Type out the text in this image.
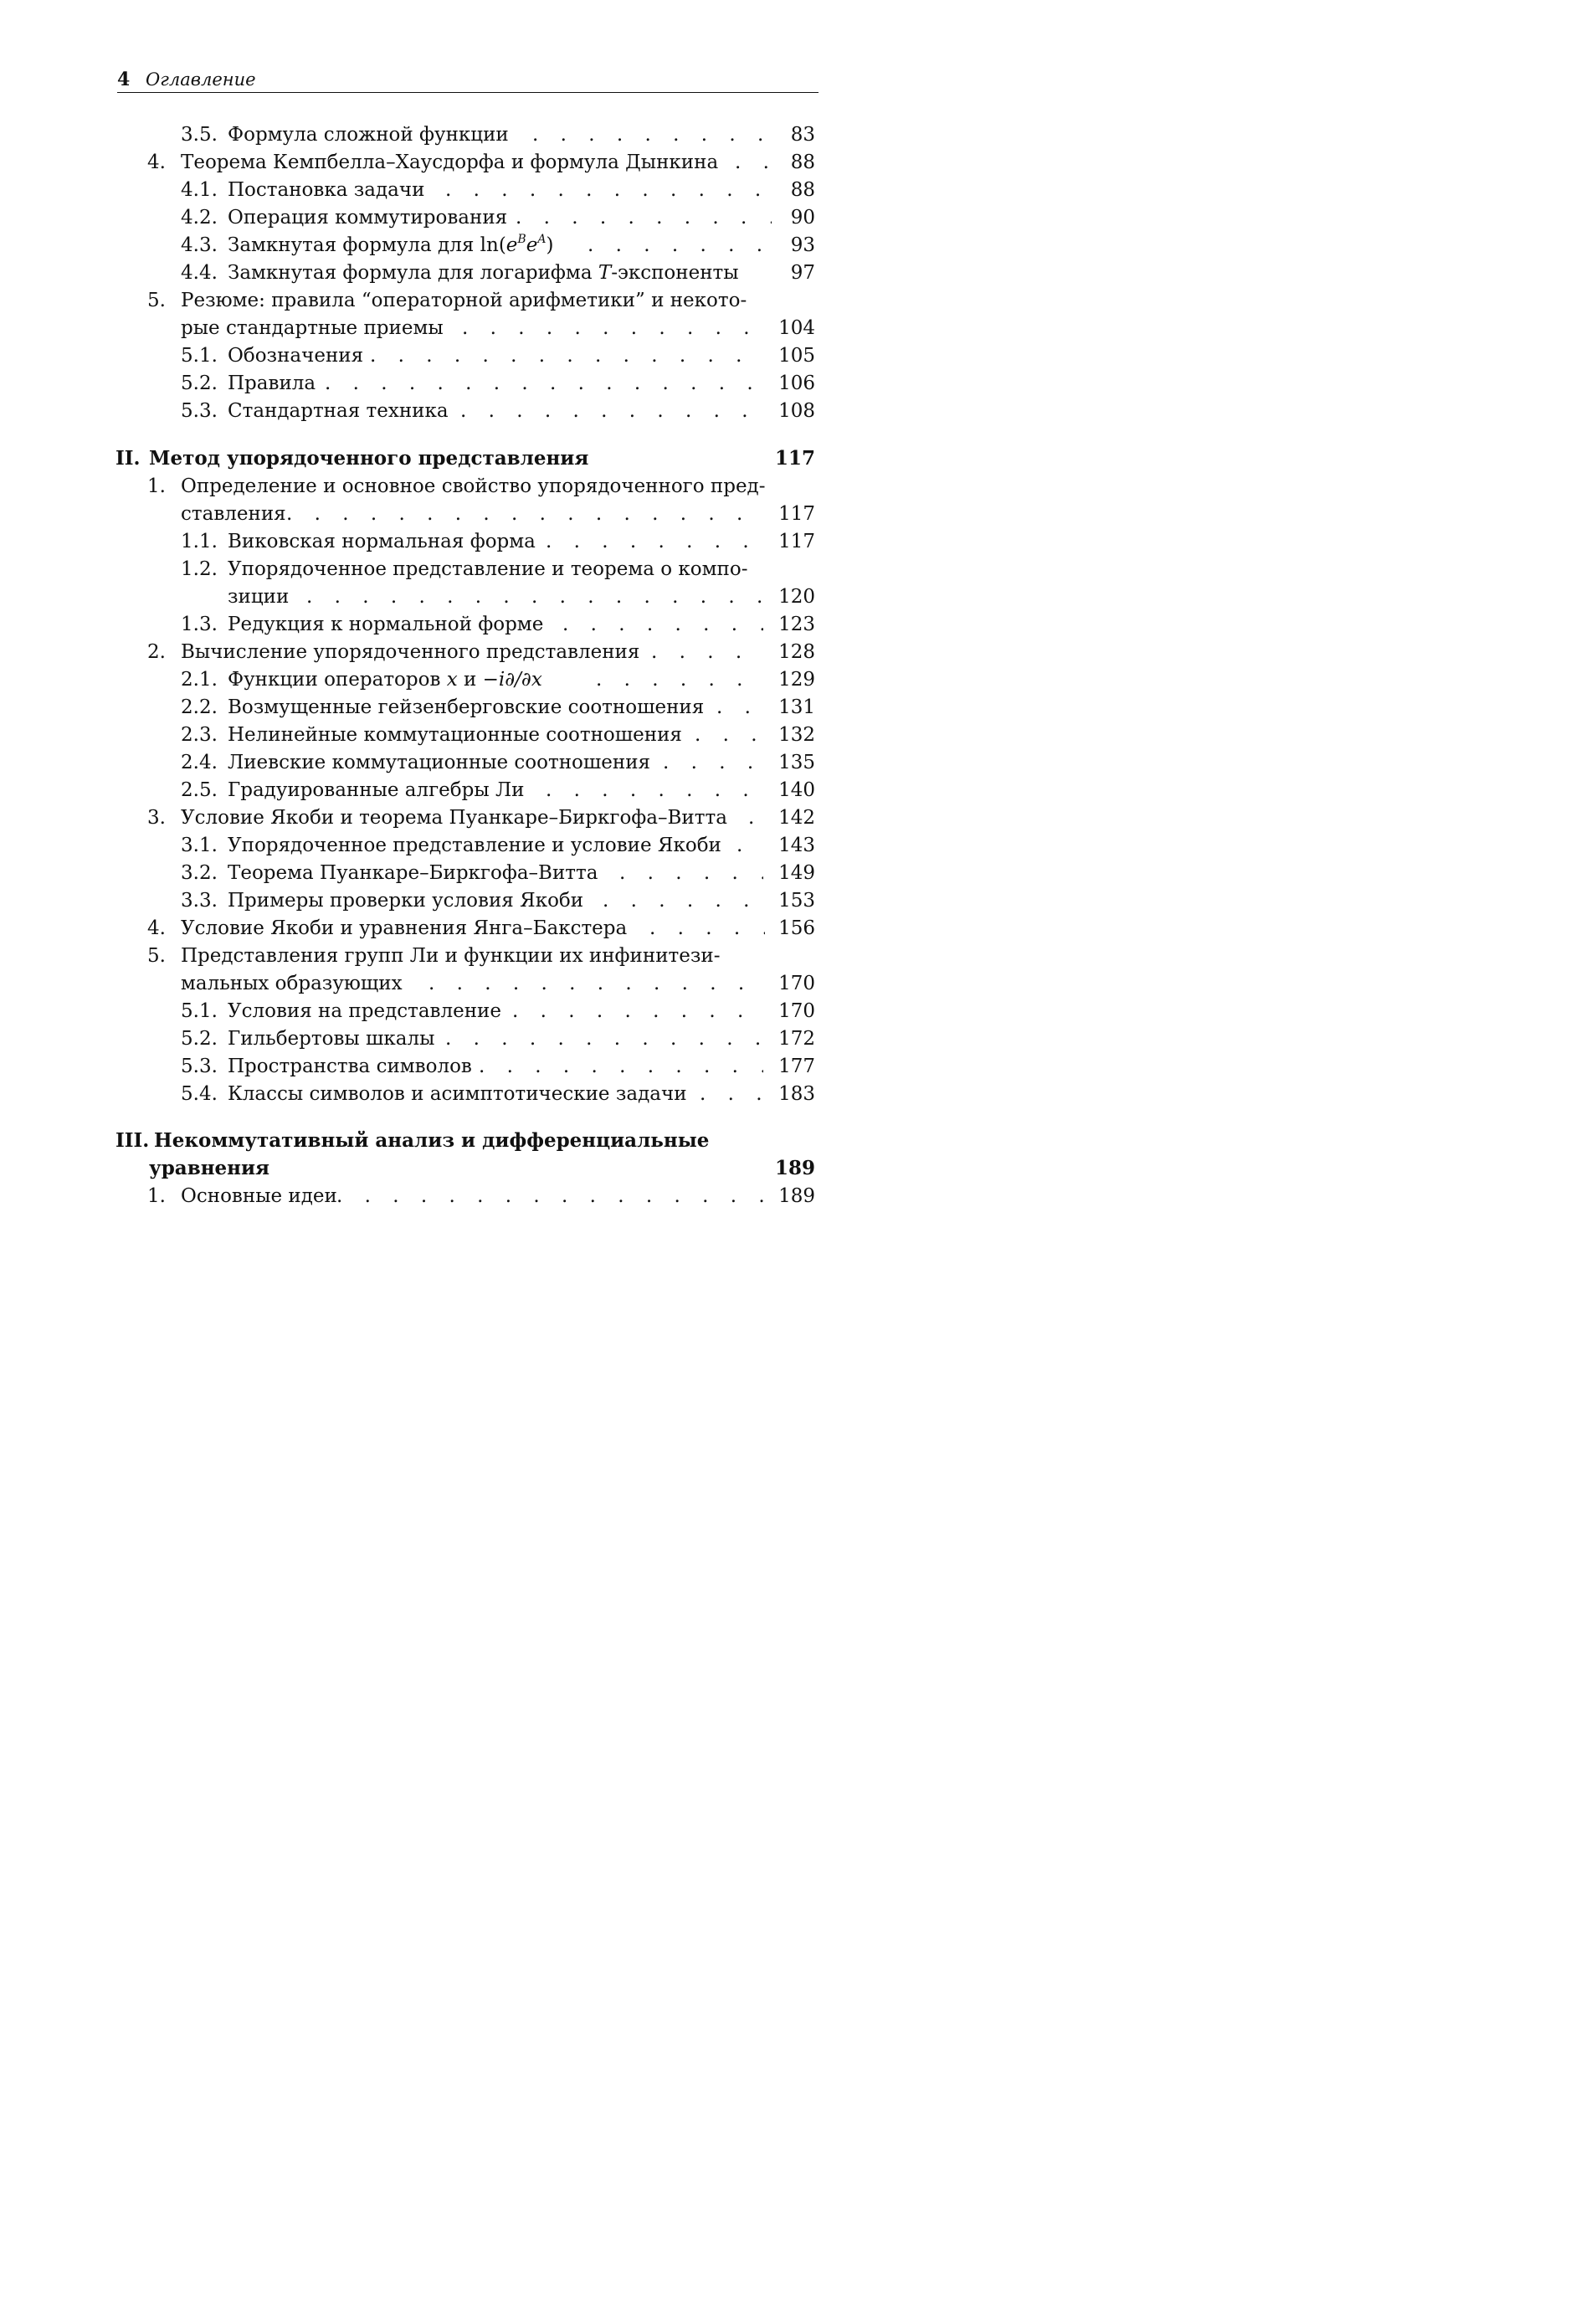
4 Оглавление
3.5. Формула сложной функции . . .	83
4. Теорема Кемпбелла–Хаусдорфа и формула Дынкина . . .	88
4.1. Постановка задачи . . .	88
4.2. Операция коммутирования . . .	90
4.3. Замкнутая формула для $\ln(e^Be^A)$ . . .	93
4.4. Замкнутая формула для логарифма T-экспоненты	97
5. Резюме: правила “операторной арифметики” и некото-
рые стандартные приемы . . .	104
5.1. Обозначения . . .	105
5.2. Правила . . .	106
5.3. Стандартная техника . . .	108
II. Метод упорядоченного представления	117
1. Определение и основное свойство упорядоченного пред-
ставления . . .	117
1.1. Виковская нормальная форма . . .	117
1.2. Упорядоченное представление и теорема о компо-
зиции . . .	120
1.3. Редукция к нормальной форме . . .	123
2. Вычисление упорядоченного представления . . .	128
2.1. Функции операторов x и −i∂/∂x . . .	129
2.2. Возмущенные гейзенберговские соотношения . . .	131
2.3. Нелинейные коммутационные соотношения . . .	132
2.4. Лиевские коммутационные соотношения . . .	135
2.5. Градуированные алгебры Ли . . .	140
3. Условие Якоби и теорема Пуанкаре–Биркгофа–Витта . . .	142
3.1. Упорядоченное представление и условие Якоби . . .	143
3.2. Теорема Пуанкаре–Биркгофа–Витта . . .	149
3.3. Примеры проверки условия Якоби . . .	153
4. Условие Якоби и уравнения Янга–Бакстера . . .	156
5. Представления групп Ли и функции их инфинитези-
мальных образующих . . .	170
5.1. Условия на представление . . .	170
5.2. Гильбертовы шкалы . . .	172
5.3. Пространства символов . . .	177
5.4. Классы символов и асимптотические задачи . . .	183
III. Некоммутативный анализ и дифференциальные
уравнения	189
1. Основные идеи . . .	189
